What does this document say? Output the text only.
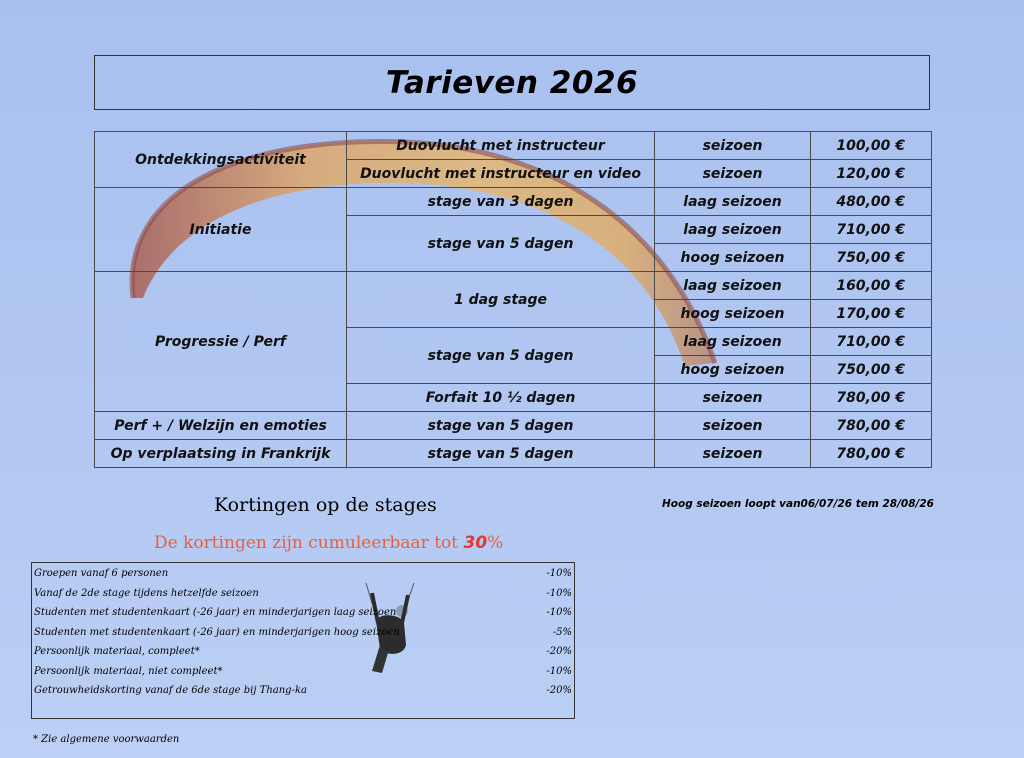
Tarieven 2026
Ontdekkingsactiviteit	Duovlucht met instructeur	seizoen	100,00 €
	Duovlucht met instructeur en video	seizoen	120,00 €
Initiatie	stage van 3 dagen	laag seizoen	480,00 €
	stage van 5 dagen	laag seizoen	710,00 €
		hoog seizoen	750,00 €
Progressie / Perf	1 dag stage	laag seizoen	160,00 €
		hoog seizoen	170,00 €
	stage van 5 dagen	laag seizoen	710,00 €
		hoog seizoen	750,00 €
	Forfait 10 ½ dagen	seizoen	780,00 €
Perf + / Welzijn en emoties	stage van 5 dagen	seizoen	780,00 €
Op verplaatsing in Frankrijk	stage van 5 dagen	seizoen	780,00 €
Kortingen op de stages	Hoog seizoen loopt van06/07/26 tem 28/08/26
De kortingen zijn cumuleerbaar tot 30%
Groepen vanaf 6 personen	-10%
Vanaf de 2de stage tijdens hetzelfde seizoen	-10%
Studenten met studentenkaart (-26 jaar) en minderjarigen laag seizoen	-10%
Studenten met studentenkaart (-26 jaar) en minderjarigen hoog seizoen	-5%
Persoonlijk materiaal, compleet*	-20%
Persoonlijk materiaal, niet compleet*	-10%
Getrouwheidskorting vanaf de 6de stage bij Thang-ka	-20%
* Zie algemene voorwaarden
